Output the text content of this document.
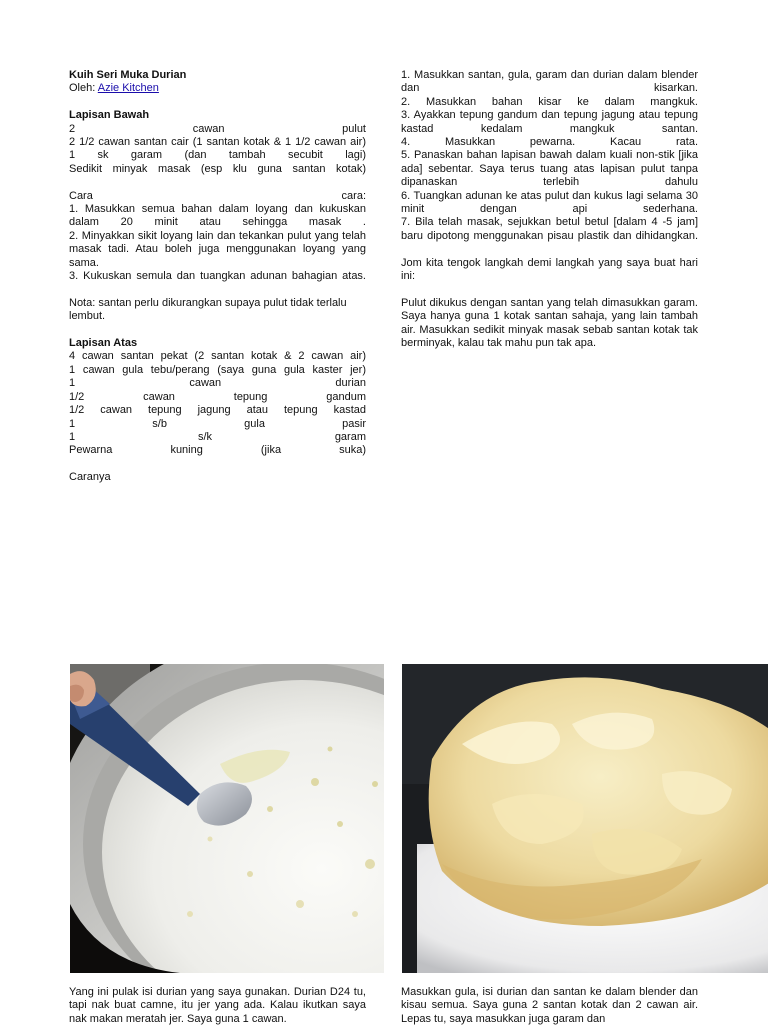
Kuih Seri Muka Durian

Oleh: Azie Kitchen

Lapisan Bawah

2 cawan pulut

2 1/2 cawan santan cair (1 santan kotak & 1 1/2 cawan air)

1 sk garam (dan tambah secubit lagi)

Sedikit minyak masak (esp klu guna santan kotak)

Cara cara:

1. Masukkan semua bahan dalam loyang dan kukuskan dalam 20 minit atau sehingga masak .

2. Minyakkan sikit loyang lain dan tekankan pulut yang telah masak tadi. Atau boleh juga menggunakan loyang yang sama.

3. Kukuskan semula dan tuangkan adunan bahagian atas.

Nota: santan perlu dikurangkan supaya pulut tidak terlalu lembut.

Lapisan Atas

4 cawan santan pekat (2 santan kotak & 2 cawan air)

1 cawan gula tebu/perang (saya guna gula kaster jer)

1 cawan durian

1/2 cawan tepung gandum

1/2 cawan tepung jagung atau tepung kastad

1 s/b gula pasir

1 s/k garam

Pewarna kuning (jika suka)

Caranya

1. Masukkan santan, gula, garam dan durian dalam blender dan kisarkan.

2. Masukkan bahan kisar ke dalam mangkuk.

3. Ayakkan tepung gandum dan tepung jagung atau tepung kastad kedalam mangkuk santan.

4. Masukkan pewarna. Kacau rata.

5. Panaskan bahan lapisan bawah dalam kuali non-stik [jika ada] sebentar. Saya terus tuang atas lapisan pulut tanpa dipanaskan terlebih dahulu

6. Tuangkan adunan ke atas pulut dan kukus lagi selama 30 minit dengan api sederhana.

7. Bila telah masak, sejukkan betul betul [dalam 4 -5 jam] baru dipotong menggunakan pisau plastik dan dihidangkan.

Jom kita tengok langkah demi langkah yang saya buat hari ini:

Pulut dikukus dengan santan yang telah dimasukkan garam. Saya hanya guna 1 kotak santan sahaja, yang lain tambah air. Masukkan sedikit minyak masak sebab santan kotak tak berminyak, kalau tak mahu pun tak apa.

Yang ini pulak isi durian yang saya gunakan. Durian D24 tu, tapi nak buat camne, itu jer yang ada. Kalau ikutkan saya nak makan meratah jer. Saya guna 1 cawan.

Masukkan gula, isi durian dan santan ke dalam blender dan kisau semua. Saya guna 2 santan kotak dan 2 cawan air. Lepas tu, saya masukkan juga garam dan
